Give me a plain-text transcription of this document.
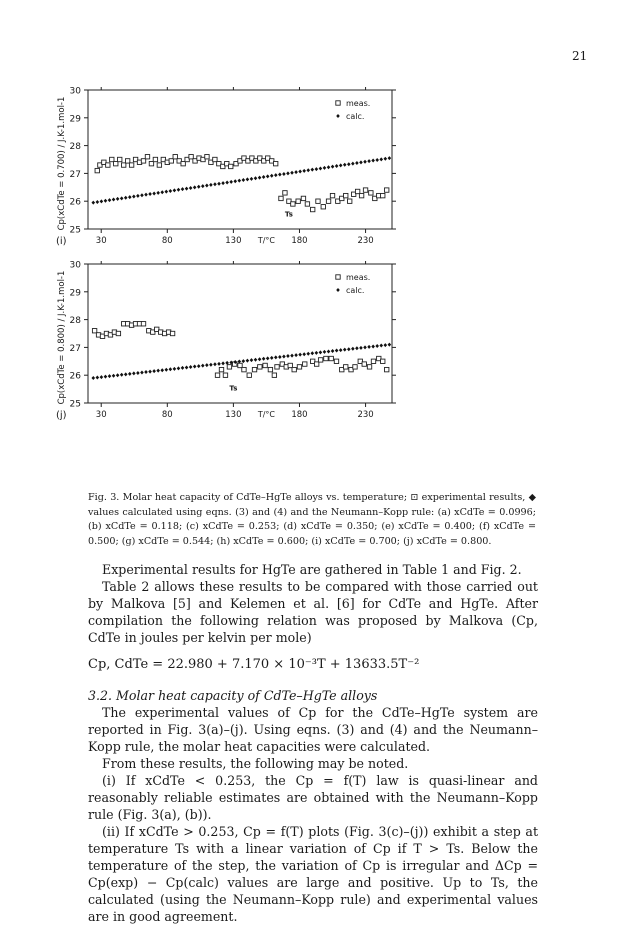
21
25
26
27
28
29
30
30	80	130	180	230
T/°C
(i)
Cp(xCdTe = 0.700) / J.K-1.mol-1	Ts
meas.
calc.
25
26
27
28
29
30
30	80	130	180	230
T/°C
(j)
Cp(xCdTe = 0.800) / J.K-1.mol-1	Ts
meas.
calc.
Fig. 3. Molar heat capacity of CdTe–HgTe alloys vs. temperature; ⊡ experimental results, ◆ values calculated using eqns. (3) and (4) and the Neumann–Kopp rule: (a) xCdTe = 0.0996; (b) xCdTe = 0.118; (c) xCdTe = 0.253; (d) xCdTe = 0.350; (e) xCdTe = 0.400; (f) xCdTe = 0.500; (g) xCdTe = 0.544; (h) xCdTe = 0.600; (i) xCdTe = 0.700; (j) xCdTe = 0.800.

Experimental results for HgTe are gathered in Table 1 and Fig. 2.

Table 2 allows these results to be compared with those carried out by Malkova [5] and Kelemen et al. [6] for CdTe and HgTe. After compilation the following relation was proposed by Malkova (Cp, CdTe in joules per kelvin per mole)

Cp, CdTe = 22.980 + 7.170 × 10⁻³T + 13633.5T⁻²

3.2. Molar heat capacity of CdTe–HgTe alloys

The experimental values of Cp for the CdTe–HgTe system are reported in Fig. 3(a)–(j). Using eqns. (3) and (4) and the Neumann–Kopp rule, the molar heat capacities were calculated.

From these results, the following may be noted.

(i) If xCdTe < 0.253, the Cp = f(T) law is quasi-linear and reasonably reliable estimates are obtained with the Neumann–Kopp rule (Fig. 3(a), (b)).

(ii) If xCdTe > 0.253, Cp = f(T) plots (Fig. 3(c)–(j)) exhibit a step at temperature Ts with a linear variation of Cp if T > Ts. Below the temperature of the step, the variation of Cp is irregular and ΔCp = Cp(exp) − Cp(calc) values are large and positive. Up to Ts, the calculated (using the Neumann–Kopp rule) and experimental values are in good agreement.
